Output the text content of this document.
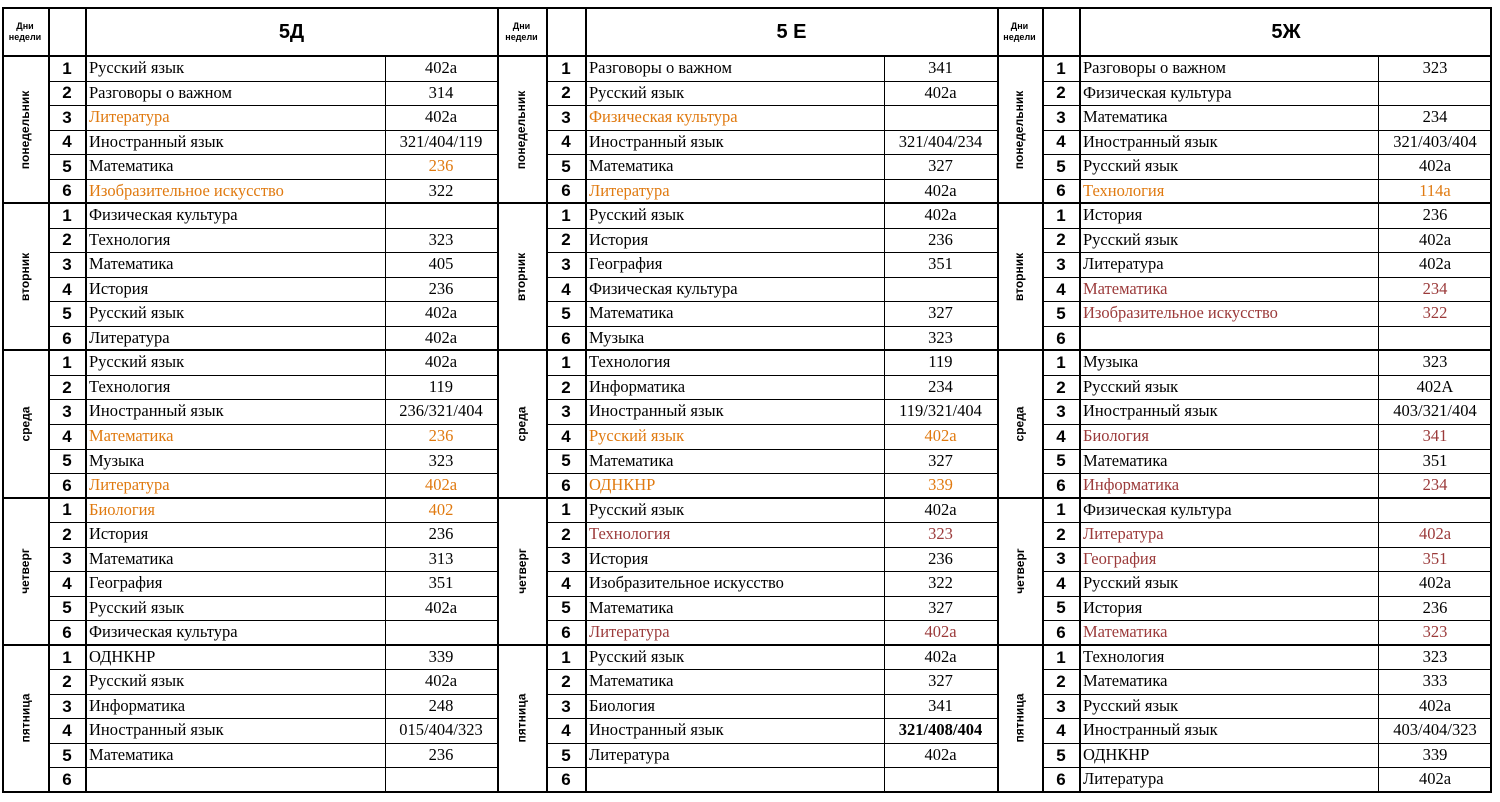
Дни недели	5Д
понедельник
1	Русский язык	402а
2	Разговоры о важном	314
3	Литература	402а
4	Иностранный язык	321/404/119
5	Математика	236
6	Изобразительное искусство	322
вторник
1	Физическая культура
2	Технология	323
3	Математика	405
4	История	236
5	Русский язык	402а
6	Литература	402а
среда
1	Русский язык	402а
2	Технология	119
3	Иностранный язык	236/321/404
4	Математика	236
5	Музыка	323
6	Литература	402а
четверг
1	Биология	402
2	История	236
3	Математика	313
4	География	351
5	Русский язык	402а
6	Физическая культура
пятница
1	ОДНКНР	339
2	Русский язык	402а
3	Информатика	248
4	Иностранный язык	015/404/323
5	Математика	236
6
Дни недели	5 Е
понедельник
1	Разговоры о важном	341
2	Русский язык	402а
3	Физическая культура
4	Иностранный язык	321/404/234
5	Математика	327
6	Литература	402а
вторник
1	Русский язык	402а
2	История	236
3	География	351
4	Физическая культура
5	Математика	327
6	Музыка	323
среда
1	Технология	119
2	Информатика	234
3	Иностранный язык	119/321/404
4	Русский язык	402а
5	Математика	327
6	ОДНКНР	339
четверг
1	Русский язык	402а
2	Технология	323
3	История	236
4	Изобразительное искусство	322
5	Математика	327
6	Литература	402а
пятница
1	Русский язык	402а
2	Математика	327
3	Биология	341
4	Иностранный язык	321/408/404
5	Литература	402а
6
Дни недели	5Ж
понедельник
1	Разговоры о важном	323
2	Физическая культура
3	Математика	234
4	Иностранный язык	321/403/404
5	Русский язык	402а
6	Технология	114а
вторник
1	История	236
2	Русский язык	402а
3	Литература	402а
4	Математика	234
5	Изобразительное искусство	322
6
среда
1	Музыка	323
2	Русский язык	402А
3	Иностранный язык	403/321/404
4	Биология	341
5	Математика	351
6	Информатика	234
четверг
1	Физическая культура
2	Литература	402а
3	География	351
4	Русский язык	402а
5	История	236
6	Математика	323
пятница
1	Технология	323
2	Математика	333
3	Русский язык	402а
4	Иностранный язык	403/404/323
5	ОДНКНР	339
6	Литература	402а
